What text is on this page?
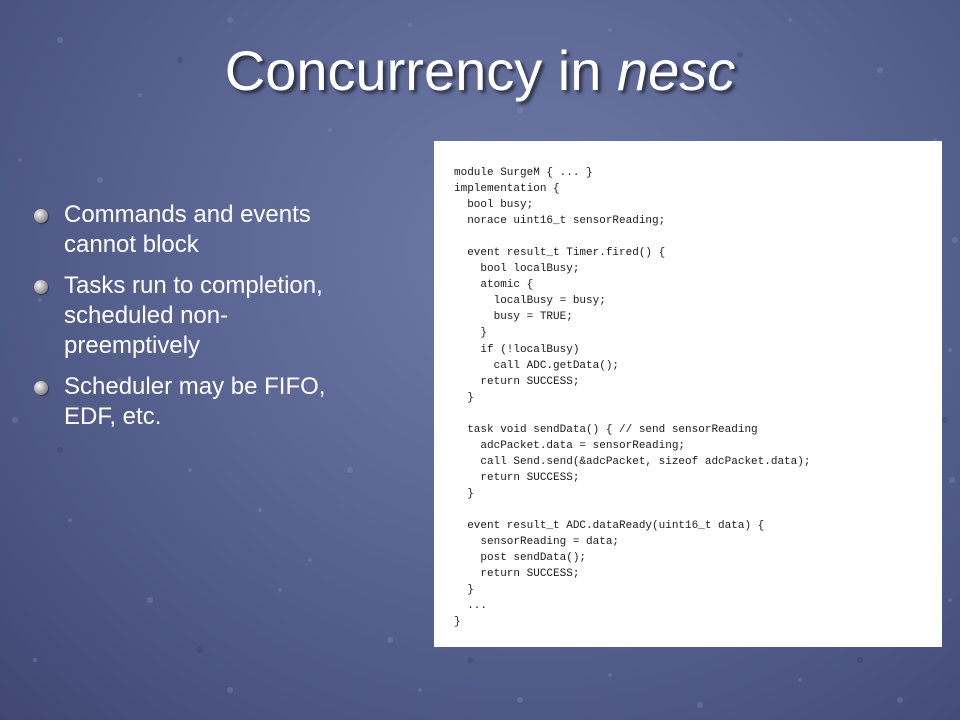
Concurrency in nesc
Commands and events
cannot block
Tasks run to completion,
scheduled non-
preemptively
Scheduler may be FIFO,
EDF, etc.
module SurgeM { ... }
implementation {
bool busy;
norace uint16_t sensorReading;

event result_t Timer.fired() {
bool localBusy;
atomic {
localBusy = busy;
busy = TRUE;
}
if (!localBusy)
call ADC.getData();
return SUCCESS;
}

task void sendData() { // send sensorReading
adcPacket.data = sensorReading;
call Send.send(&adcPacket, sizeof adcPacket.data);
return SUCCESS;
}

event result_t ADC.dataReady(uint16_t data) {
sensorReading = data;
post sendData();
return SUCCESS;
}
...
}
